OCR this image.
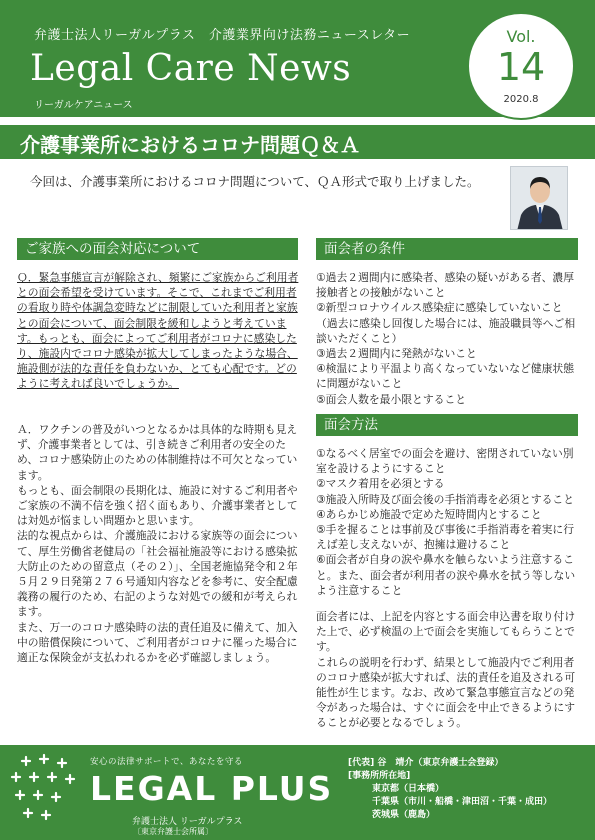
弁護士法人リーガルプラス　介護業界向け法務ニュースレター
Legal Care News
リーガルケアニュース
Vol.
14
2020.8
介護事業所におけるコロナ問題Ｑ＆Ａ
今回は、介護事業所におけるコロナ問題について、ＱＡ形式で取り上げました。
ご家族への面会対応について

Ｑ．緊急事態宣言が解除され、頻繁にご家族からご利用者との面会希望を受けています。そこで、これまでご利用者の看取り時や体調急変時などに制限していた利用者と家族との面会について、面会制限を緩和しようと考えています。もっとも、面会によってご利用者がコロナに感染したり、施設内でコロナ感染が拡大してしまったような場合、施設側が法的な責任を負わないか、とても心配です。どのように考えれば良いでしょうか。

Ａ．ワクチンの普及がいつとなるかは具体的な時期も見えず、介護事業者としては、引き続きご利用者の安全のため、コロナ感染防止のための体制維持は不可欠となっています。

もっとも、面会制限の長期化は、施設に対するご利用者やご家族の不満不信を強く招く面もあり、介護事業者としては対処が悩ましい問題かと思います。

法的な視点からは、介護施設における家族等の面会について、厚生労働省老健局の「社会福祉施設等における感染拡大防止のための留意点（その２）」、全国老施協発令和２年５月２９日発第２７６号通知内容などを参考に、安全配慮義務の履行のため、右記のような対処での緩和が考えられます。

また、万一のコロナ感染時の法的責任追及に備えて、加入中の賠償保険について、ご利用者がコロナに罹った場合に適正な保険金が支払われるかを必ず確認しましょう。

面会者の条件

①過去２週間内に感染者、感染の疑いがある者、濃厚接触者との接触がないこと

②新型コロナウイルス感染症に感染していないこと（過去に感染し回復した場合には、施設職員等へご相談いただくこと）

③過去２週間内に発熱がないこと

④検温により平温より高くなっていないなど健康状態に問題がないこと

⑤面会人数を最小限とすること

面会方法

①なるべく居室での面会を避け、密閉されていない別室を設けるようにすること

②マスク着用を必須とする

③施設入所時及び面会後の手指消毒を必須とすること

④あらかじめ施設で定めた短時間内とすること

⑤手を握ることは事前及び事後に手指消毒を着実に行えば差し支えないが、抱擁は避けること

⑥面会者が自身の涙や鼻水を触らないよう注意すること。また、面会者が利用者の涙や鼻水を拭う等しないよう注意すること

面会者には、上記を内容とする面会申込書を取り付けた上で、必ず検温の上で面会を実施してもらうことです。

これらの説明を行わず、結果として施設内でご利用者のコロナ感染が拡大すれば、法的責任を追及される可能性が生じます。なお、改めて緊急事態宣言などの発令があった場合は、すぐに面会を中止できるようにすることが必要となるでしょう。

安心の法律サポートで、あなたを守る
LEGAL PLUS
弁護士法人 リーガルプラス
〔東京弁護士会所属〕
[代表] 谷　靖介（東京弁護士会登録）
[事務所所在地]
東京都（日本橋）
千葉県（市川・船橋・津田沼・千葉・成田）
茨城県（鹿島）
